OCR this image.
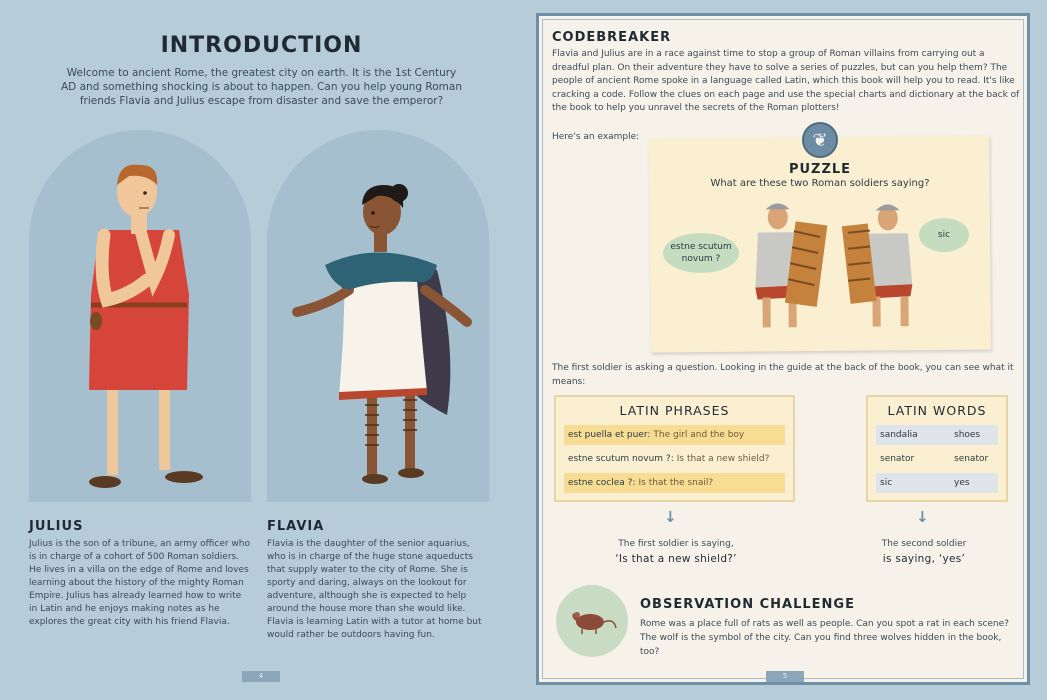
INTRODUCTION
Welcome to ancient Rome, the greatest city on earth. It is the 1st Century AD and something shocking is about to happen. Can you help young Roman friends Flavia and Julius escape from disaster and save the emperor?
JULIUS
Julius is the son of a tribune, an army officer who is in charge of a cohort of 500 Roman soldiers. He lives in a villa on the edge of Rome and loves learning about the history of the mighty Roman Empire. Julius has already learned how to write in Latin and he enjoys making notes as he explores the great city with his friend Flavia.
FLAVIA
Flavia is the daughter of the senior aquarius, who is in charge of the huge stone aqueducts that supply water to the city of Rome. She is sporty and daring, always on the lookout for adventure, although she is expected to help around the house more than she would like. Flavia is learning Latin with a tutor at home but would rather be outdoors having fun.
4
CODEBREAKER
Flavia and Julius are in a race against time to stop a group of Roman villains from carrying out a dreadful plan. On their adventure they have to solve a series of puzzles, but can you help them? The people of ancient Rome spoke in a language called Latin, which this book will help you to read. It's like cracking a code. Follow the clues on each page and use the special charts and dictionary at the back of the book to help you unravel the secrets of the Roman plotters!
Here's an example:	❦
PUZZLE
What are these two Roman soldiers saying?
estne scutum novum ?
sic
The first soldier is asking a question. Looking in the guide at the back of the book, you can see what it means:
LATIN PHRASES
est puella et puer: The girl and the boy
estne scutum novum ?: Is that a new shield?
estne coclea ?: Is that the snail?
LATIN WORDS
sandalia	shoes
senator	senator
sic	yes
↓	↓
The first soldier is saying,
‘Is that a new shield?’
The second soldier
is saying, ‘yes’
OBSERVATION CHALLENGE
Rome was a place full of rats as well as people. Can you spot a rat in each scene?
The wolf is the symbol of the city. Can you find three wolves hidden in the book, too?
5
